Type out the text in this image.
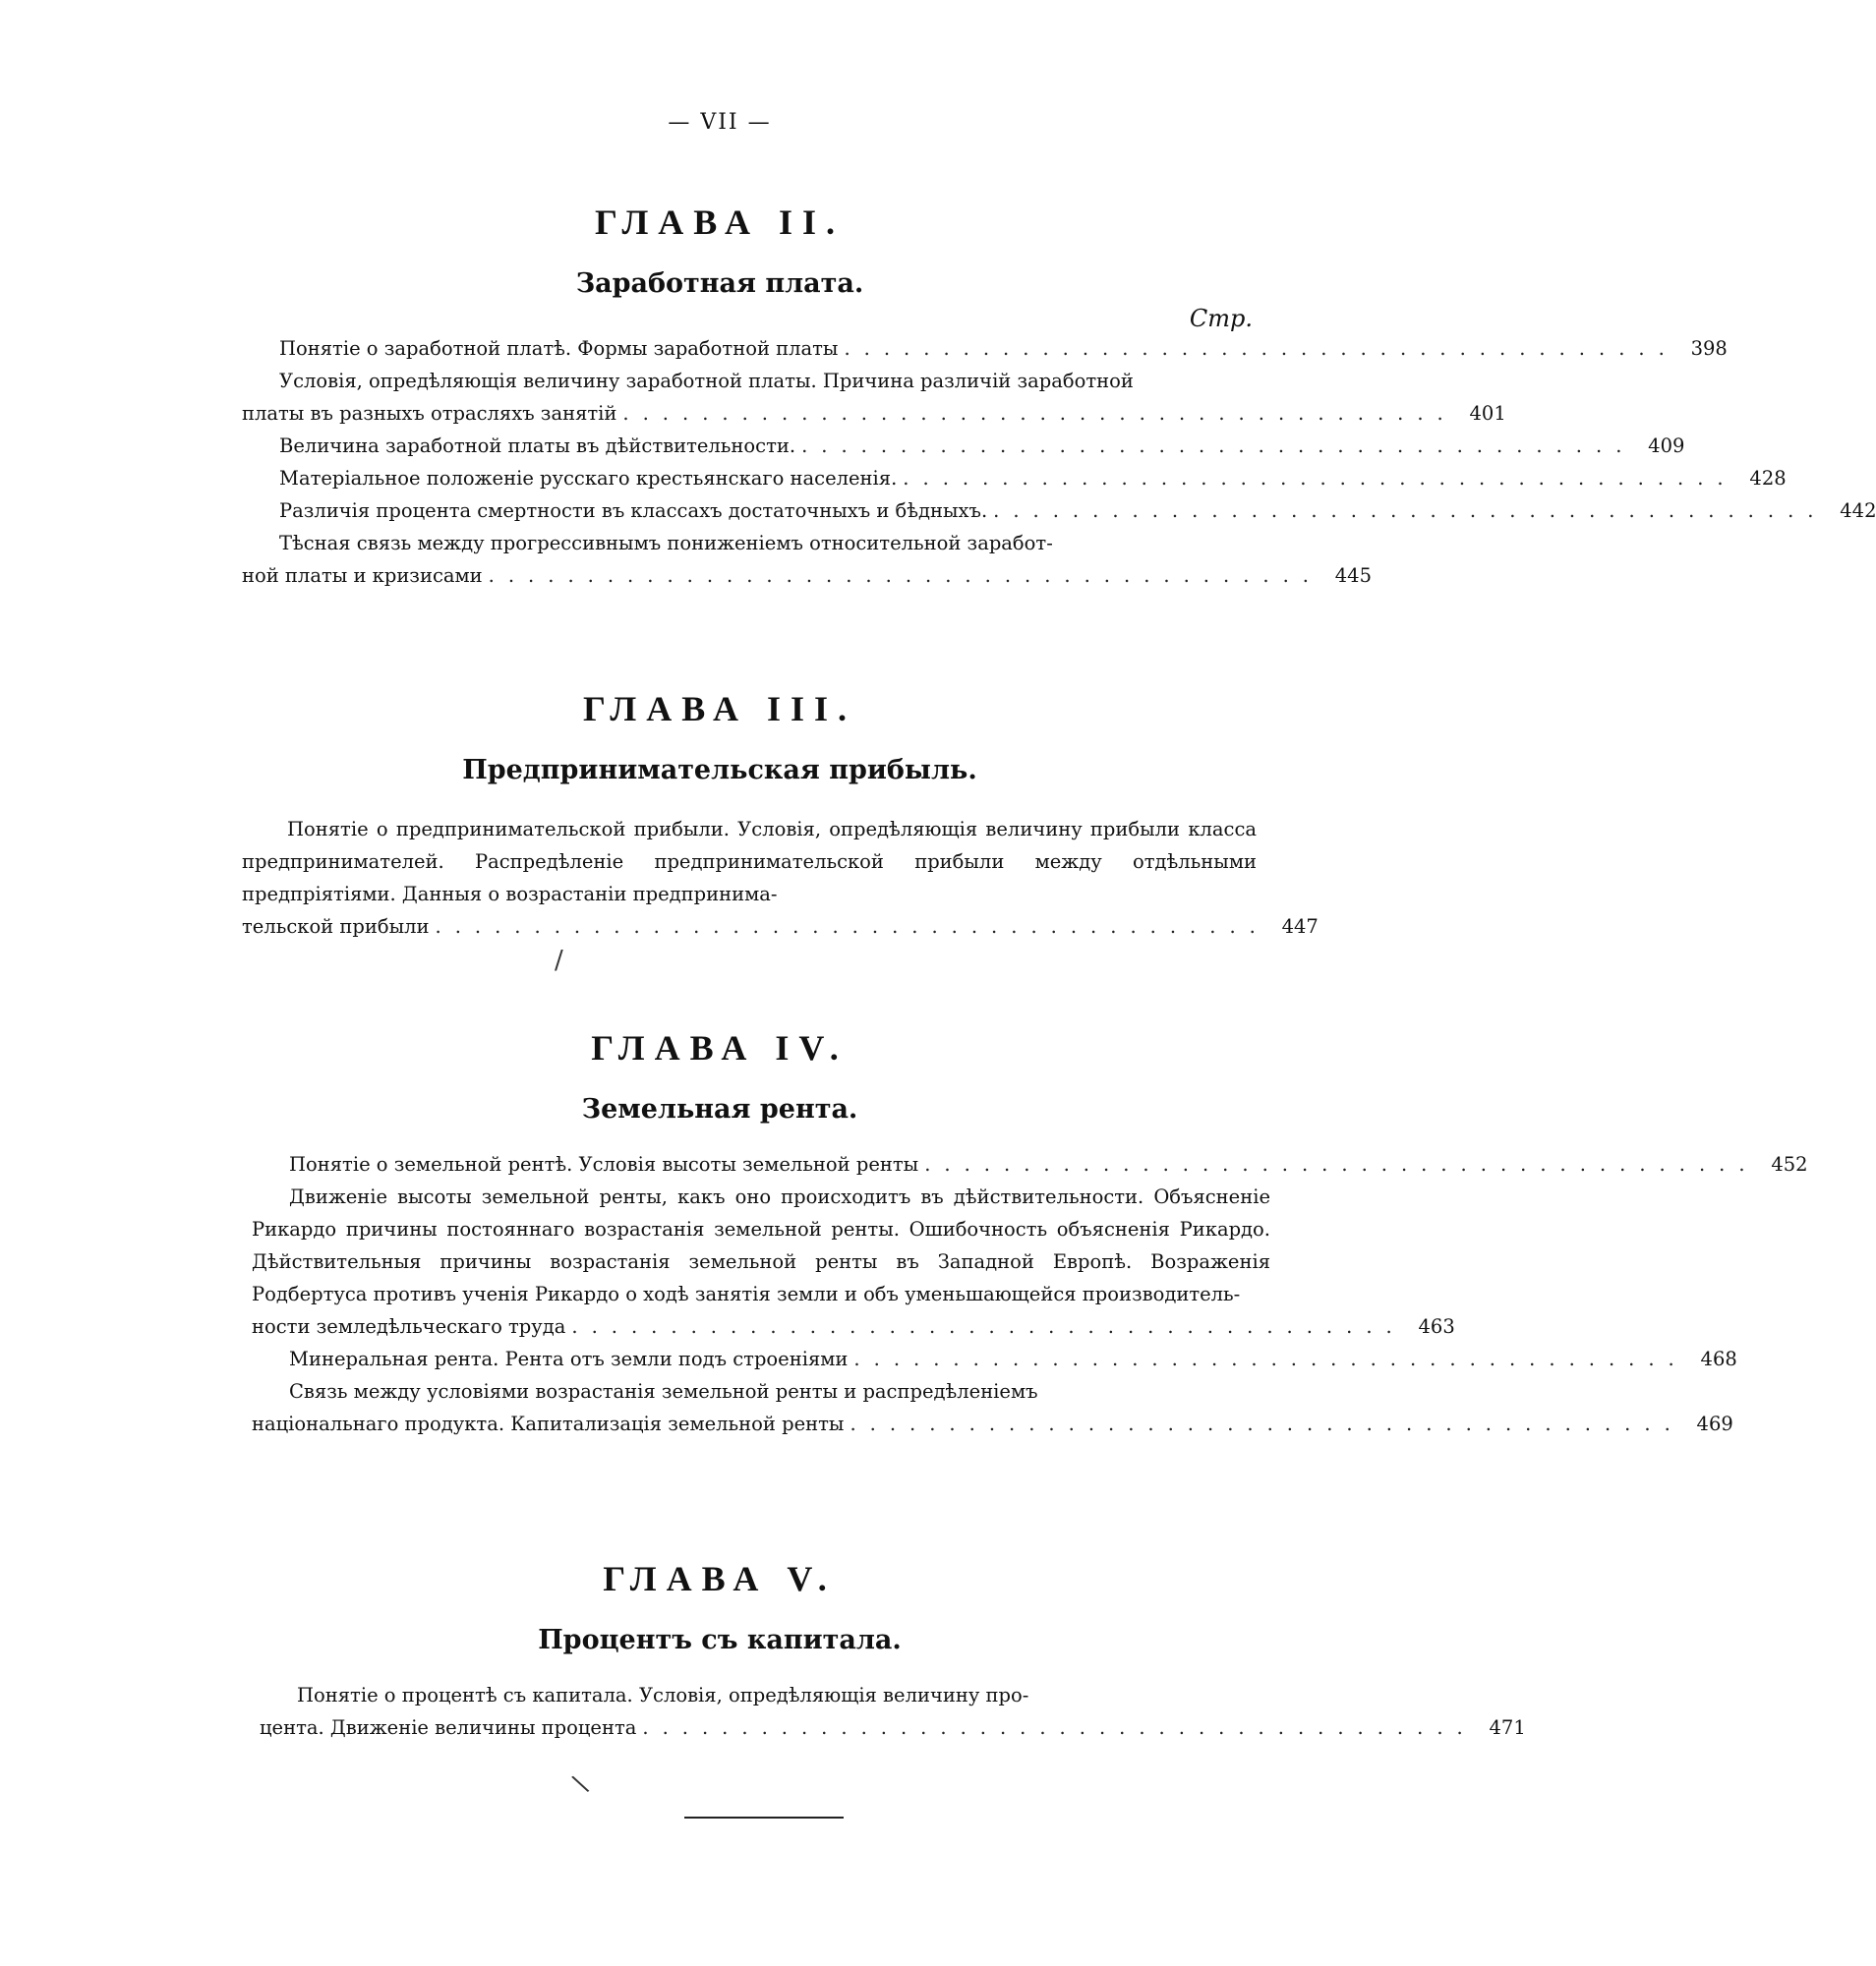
— VII —
ГЛАВА II.
Заработная плата.

Стр.

Понятіе о заработной платѣ. Формы заработной платы .......................................... 398
Условія, опредѣляющія величину заработной платы. Причина различій заработной
платы въ разныхъ отрасляхъ занятій .......................................... 401
Величина заработной платы въ дѣйствительности. .......................................... 409
Матеріальное положеніе русскаго крестьянскаго населенія. .......................................... 428
Различія процента смертности въ классахъ достаточныхъ и бѣдныхъ. .......................................... 442
Тѣсная связь между прогрессивнымъ пониженіемъ относительной заработ-
ной платы и кризисами .......................................... 445
ГЛАВА III.
Предпринимательская прибыль.
Понятіе о предпринимательской прибыли. Условія, опредѣляющія величину прибыли класса предпринимателей. Распредѣленіе предпринимательской прибыли между отдѣльными предпріятіями. Данныя о возрастаніи предпринима-
тельской прибыли .......................................... 447
ГЛАВА IV.
Земельная рента.
Понятіе о земельной рентѣ. Условія высоты земельной ренты .......................................... 452
Движеніе высоты земельной ренты, какъ оно происходитъ въ дѣйствительности. Объясненіе Рикардо причины постояннаго возрастанія земельной ренты. Ошибочность объясненія Рикардо. Дѣйствительныя причины возрастанія земельной ренты въ Западной Европѣ. Возраженія Родбертуса противъ ученія Рикардо о ходѣ занятія земли и объ уменьшающейся производитель-
ности земледѣльческаго труда .......................................... 463
Минеральная рента. Рента отъ земли подъ строеніями .......................................... 468
Связь между условіями возрастанія земельной ренты и распредѣленіемъ
національнаго продукта. Капитализація земельной ренты .......................................... 469
ГЛАВА V.
Процентъ съ капитала.
Понятіе о процентѣ съ капитала. Условія, опредѣляющія величину про-
цента. Движеніе величины процента .......................................... 471
/
\
